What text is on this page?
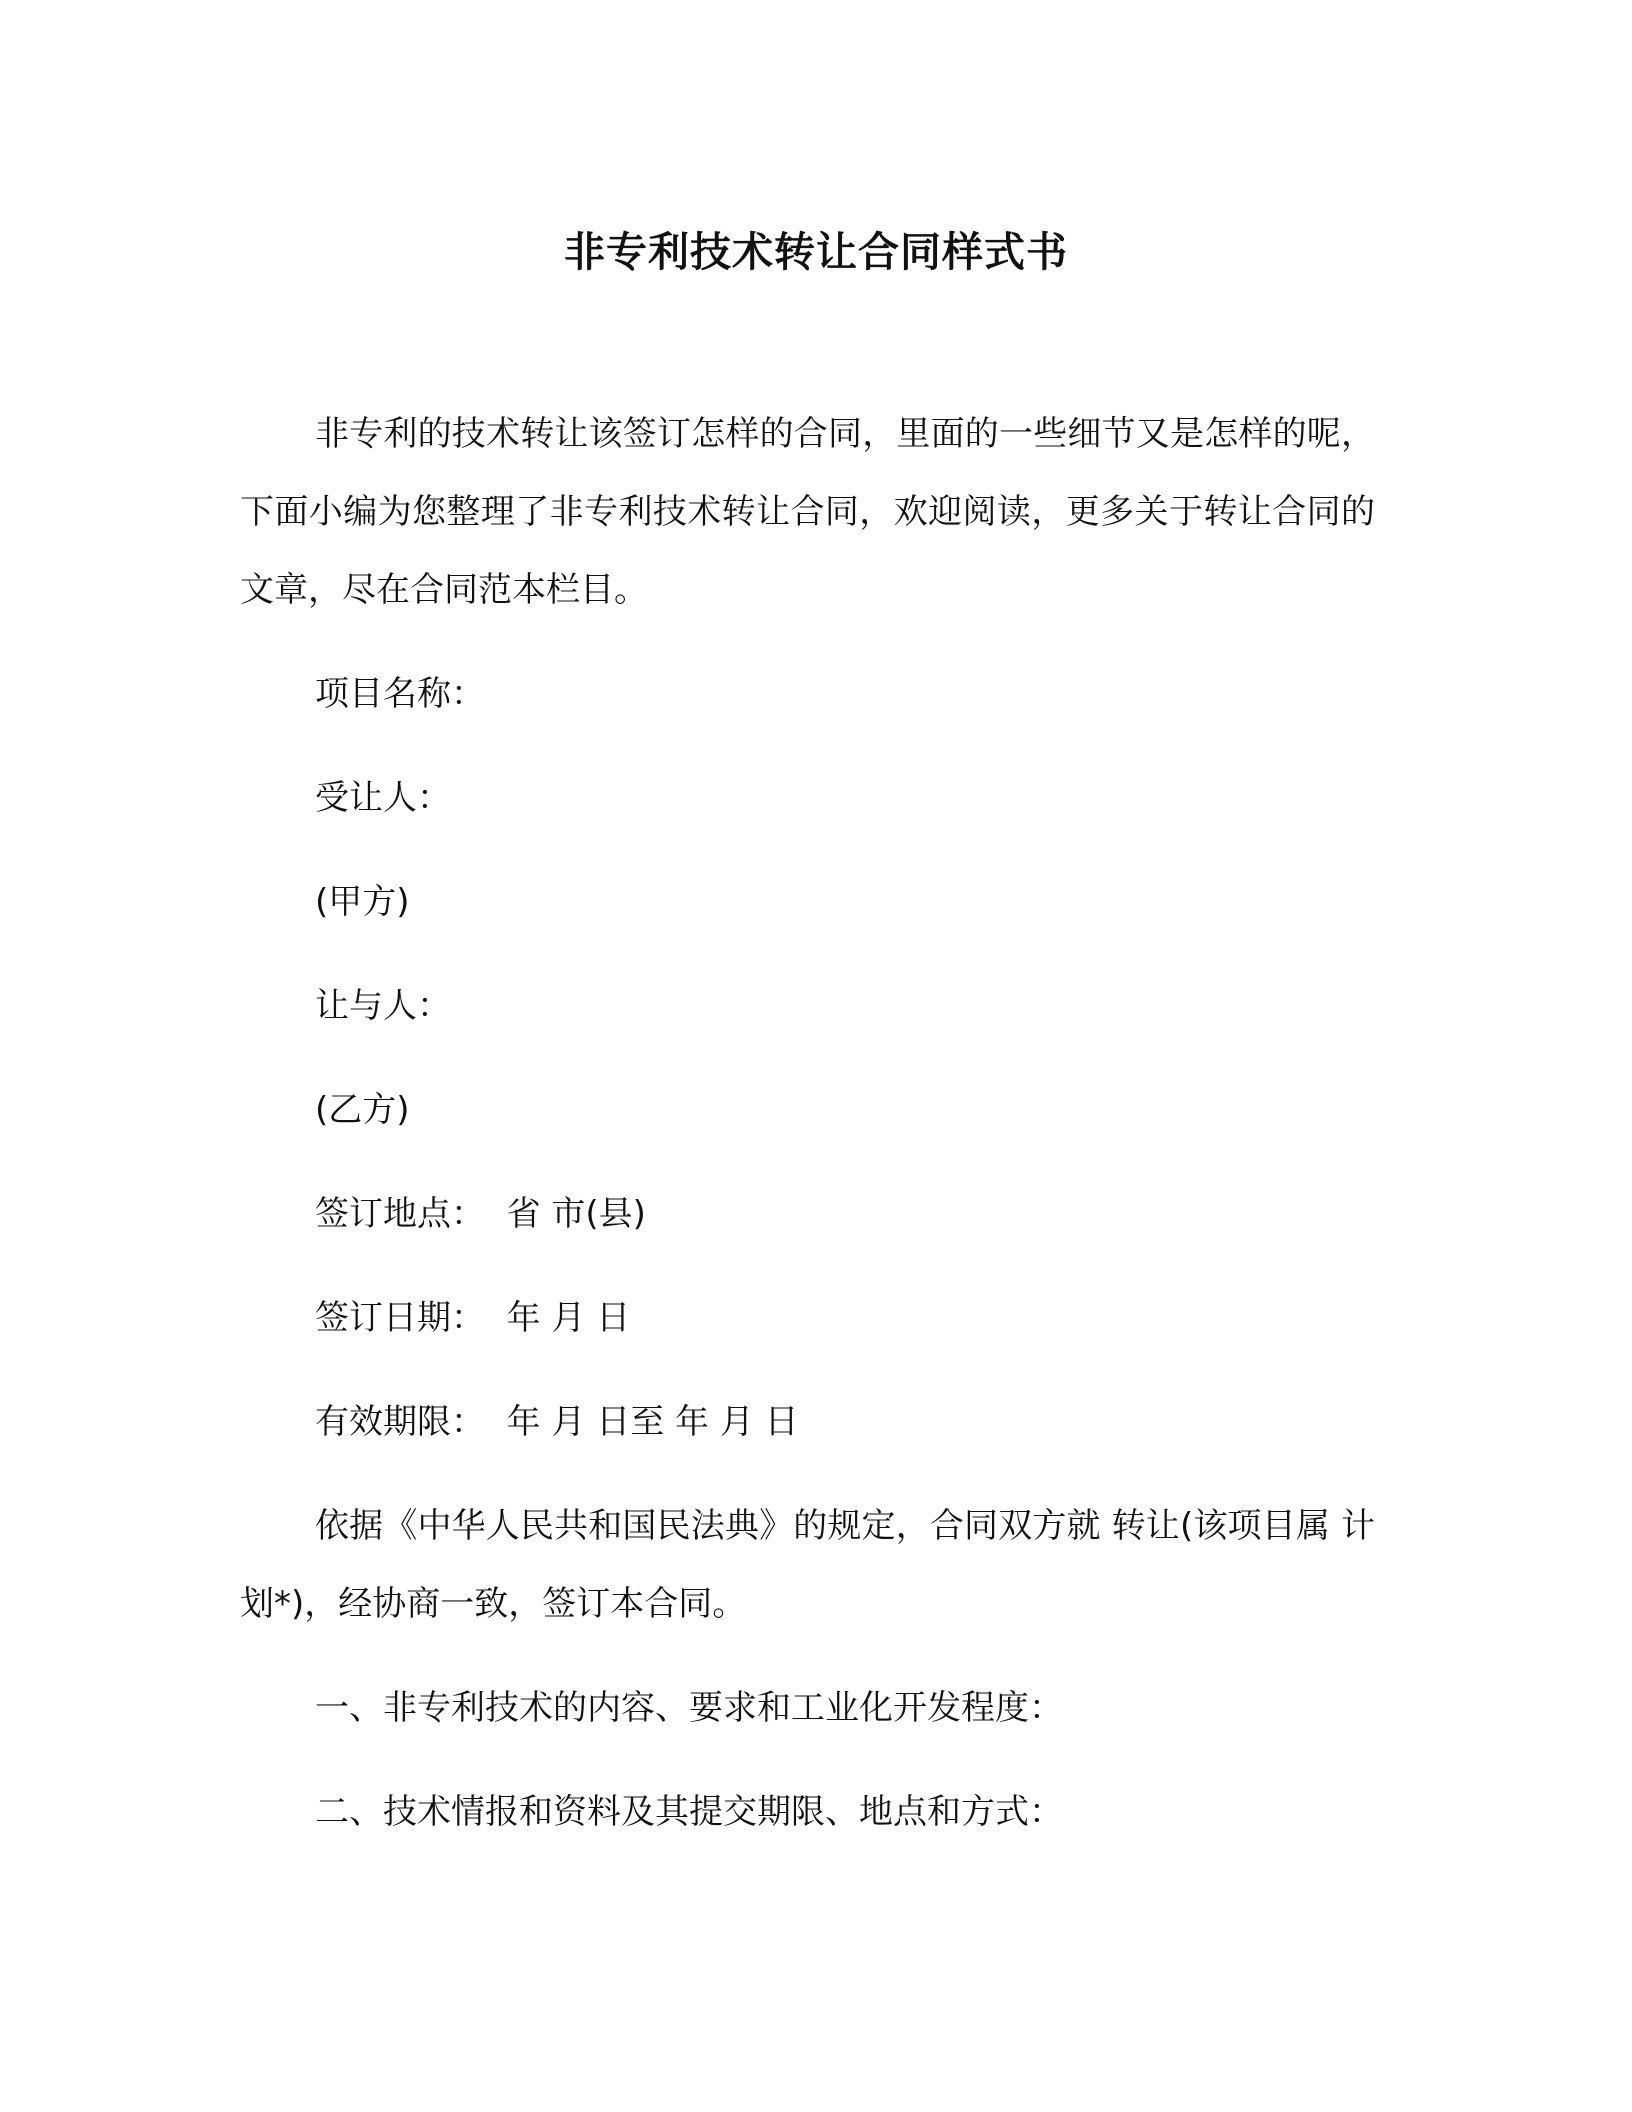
非专利技术转让合同样式书

非专利的技术转让该签订怎样的合同，里面的一些细节又是怎样的呢，下面小编为您整理了非专利技术转让合同，欢迎阅读，更多关于转让合同的文章，尽在合同范本栏目。

项目名称：

受让人：

(甲方)

让与人：

(乙方)

签订地点：  省 市(县)

签订日期：  年 月 日

有效期限：  年 月 日至 年 月 日

依据《中华人民共和国民法典》的规定，合同双方就 转让(该项目属 计划*)，经协商一致，签订本合同。

一、非专利技术的内容、要求和工业化开发程度：

二、技术情报和资料及其提交期限、地点和方式：
